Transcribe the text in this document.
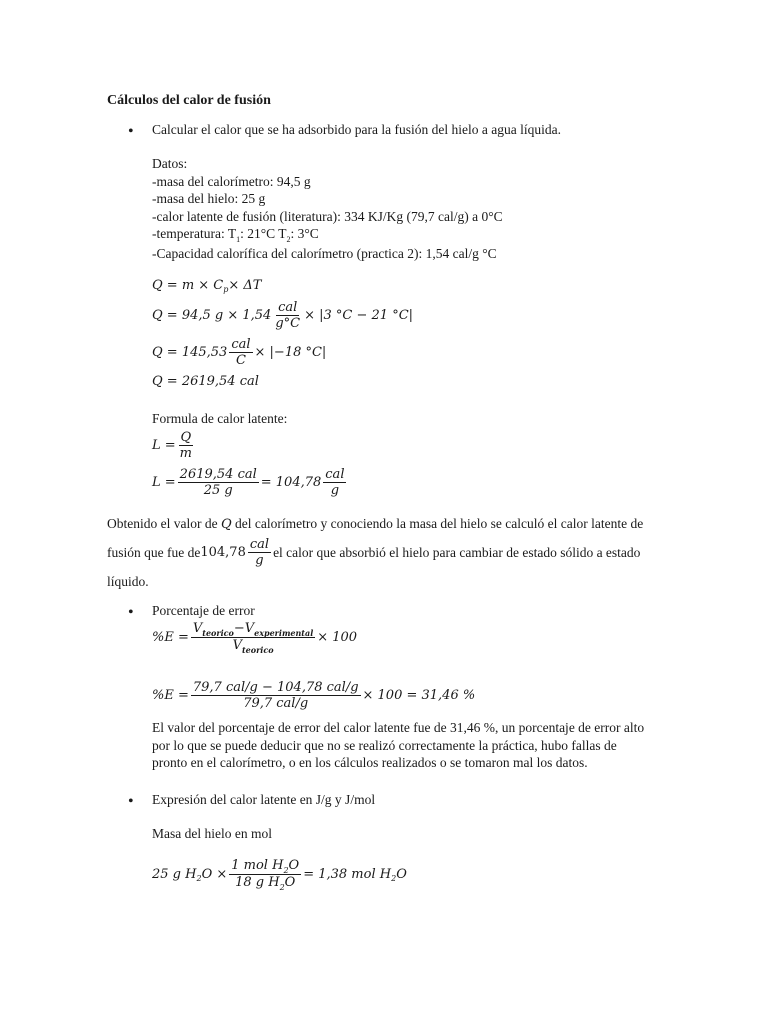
Cálculos del calor de fusión
• Calcular el calor que se ha adsorbido para la fusión del hielo a agua líquida.
Datos:
-masa del calorímetro: 94,5 g
-masa del hielo: 25 g
-calor latente de fusión (literatura): 334 KJ/Kg (79,7 cal/g) a 0°C
-temperatura: $T_1$: 21°C $T_2$: 3°C
-Capacidad calorífica del calorímetro (practica 2): 1,54 cal/g °C
Q = m × C p × ΔT
Q = 94,5 $g \times 1,54 \frac{\text{cal}}{g^\circ C} \times |3$ °C − 21 °C|
$Q = 145,53 \frac{\text{cal}}{C} \times |-18$ °C|
Q = 2619,54 cal
Formula de calor latente:
$L = \frac{Q}{m}$
$L = \frac{\text{2619,54 cal}}{25 g} = 104,78 \frac{\text{cal}}{g}$
Obtenido el valor de Q del calorímetro y conociendo la masa del hielo se calculó el calor latente de
fusión que fue de $104,78 \frac{\text{cal}}{g}$ el calor que absorbió el hielo para cambiar de estado sólido a estado
líquido.
• Porcentaje de error
$\%E = \frac{V_{teorico}-V_{experimental}}{V_{teorico}} \times 100$
$\%E = \frac{\text{79,7 cal/g − 104,78 cal/g}}{\text{79,7 cal/g}} \times 100 = 31,46$ %
El valor del porcentaje de error del calor latente fue de 31,46 %, un porcentaje de error alto
por lo que se puede deducir que no se realizó correctamente la práctica, hubo fallas de
pronto en el calorímetro, o en los cálculos realizados o se tomaron mal los datos.
• Expresión del calor latente en J/g y J/mol
Masa del hielo en mol
25 g H 2 $O \times \frac{1 mol H_2O}{18 g H_2O} = 1,38$ mol H 2 O
